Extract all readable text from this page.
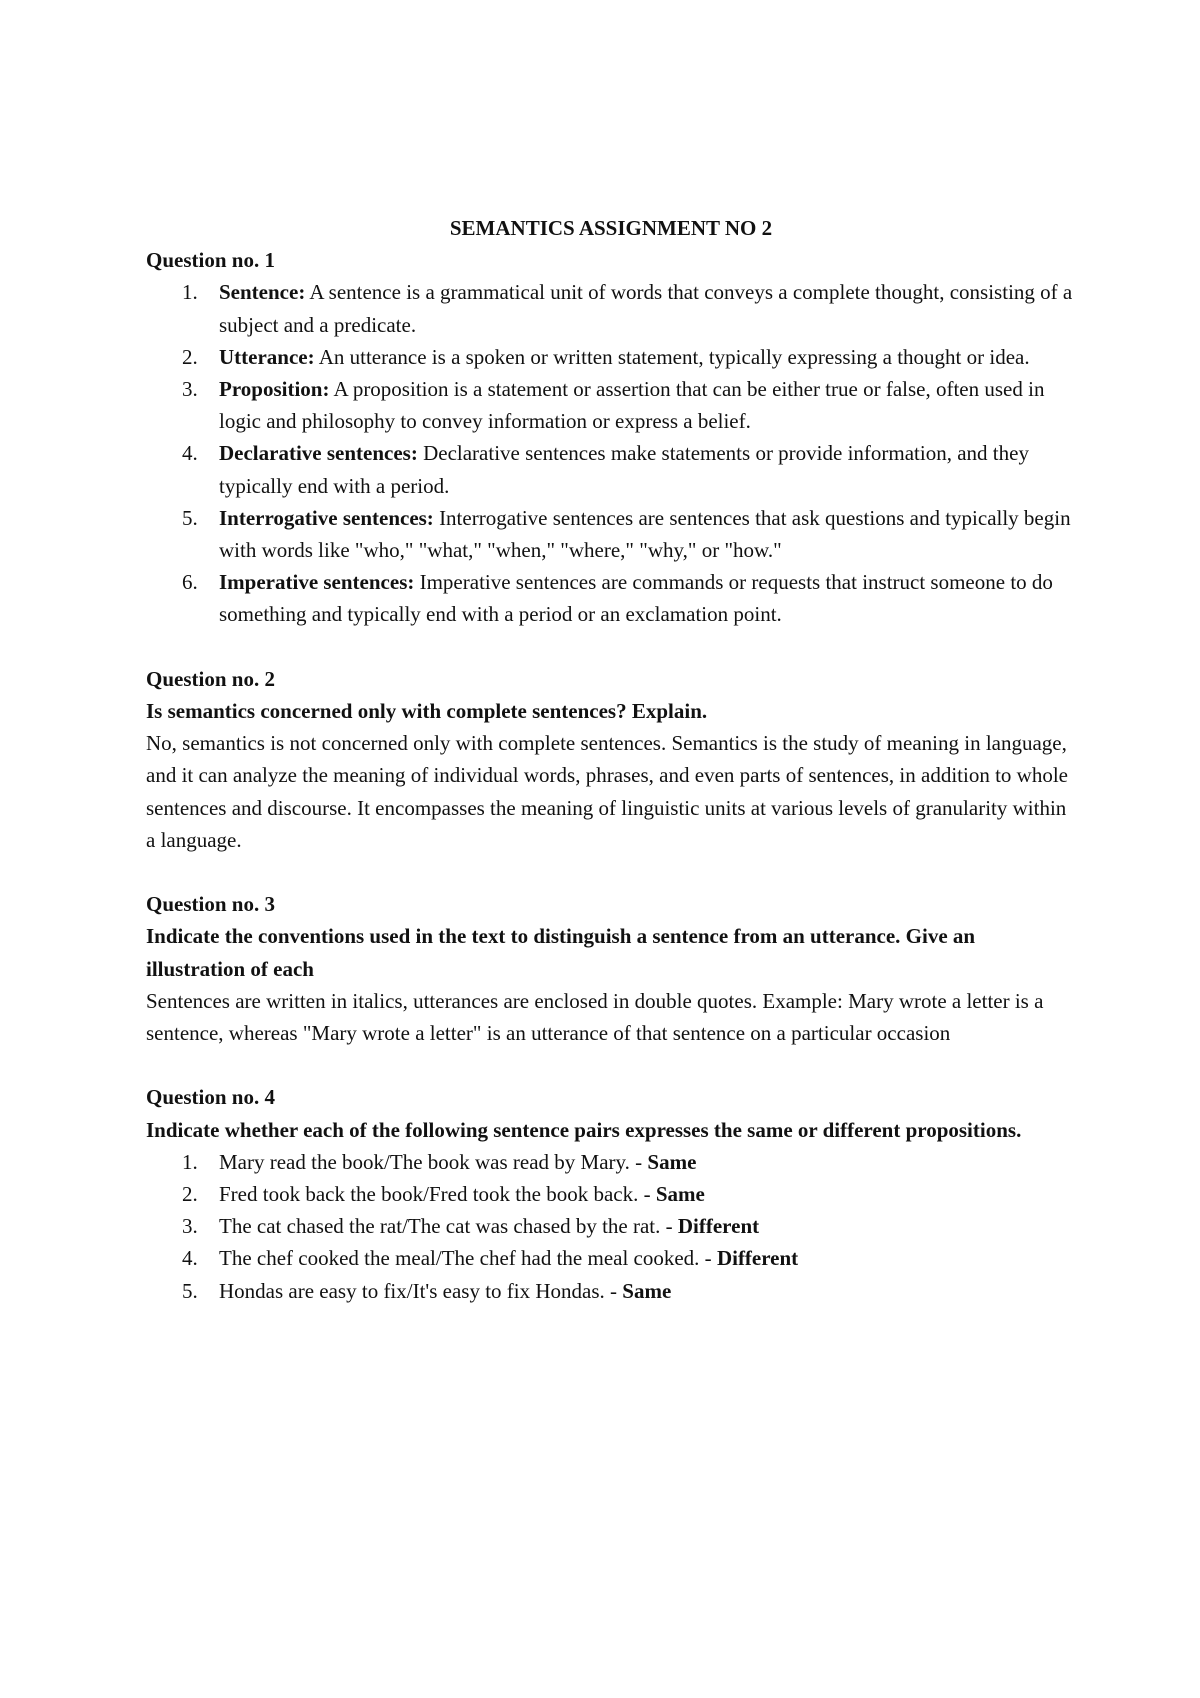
SEMANTICS ASSIGNMENT NO 2

Question no. 1

1. Sentence: A sentence is a grammatical unit of words that conveys a complete thought, consisting of a subject and a predicate.
2. Utterance: An utterance is a spoken or written statement, typically expressing a thought or idea.
3. Proposition: A proposition is a statement or assertion that can be either true or false, often used in logic and philosophy to convey information or express a belief.
4. Declarative sentences: Declarative sentences make statements or provide information, and they typically end with a period.
5. Interrogative sentences: Interrogative sentences are sentences that ask questions and typically begin with words like "who," "what," "when," "where," "why," or "how."
6. Imperative sentences: Imperative sentences are commands or requests that instruct someone to do something and typically end with a period or an exclamation point.

Question no. 2

Is semantics concerned only with complete sentences? Explain.

No, semantics is not concerned only with complete sentences. Semantics is the study of meaning in language, and it can analyze the meaning of individual words, phrases, and even parts of sentences, in addition to whole sentences and discourse. It encompasses the meaning of linguistic units at various levels of granularity within a language.

Question no. 3

Indicate the conventions used in the text to distinguish a sentence from an utterance. Give an illustration of each

Sentences are written in italics, utterances are enclosed in double quotes. Example: Mary wrote a letter is a sentence, whereas "Mary wrote a letter" is an utterance of that sentence on a particular occasion

Question no. 4

Indicate whether each of the following sentence pairs expresses the same or different propositions.

1. Mary read the book/The book was read by Mary. - Same
2. Fred took back the book/Fred took the book back. - Same
3. The cat chased the rat/The cat was chased by the rat. - Different
4. The chef cooked the meal/The chef had the meal cooked. - Different
5. Hondas are easy to fix/It's easy to fix Hondas. - Same
